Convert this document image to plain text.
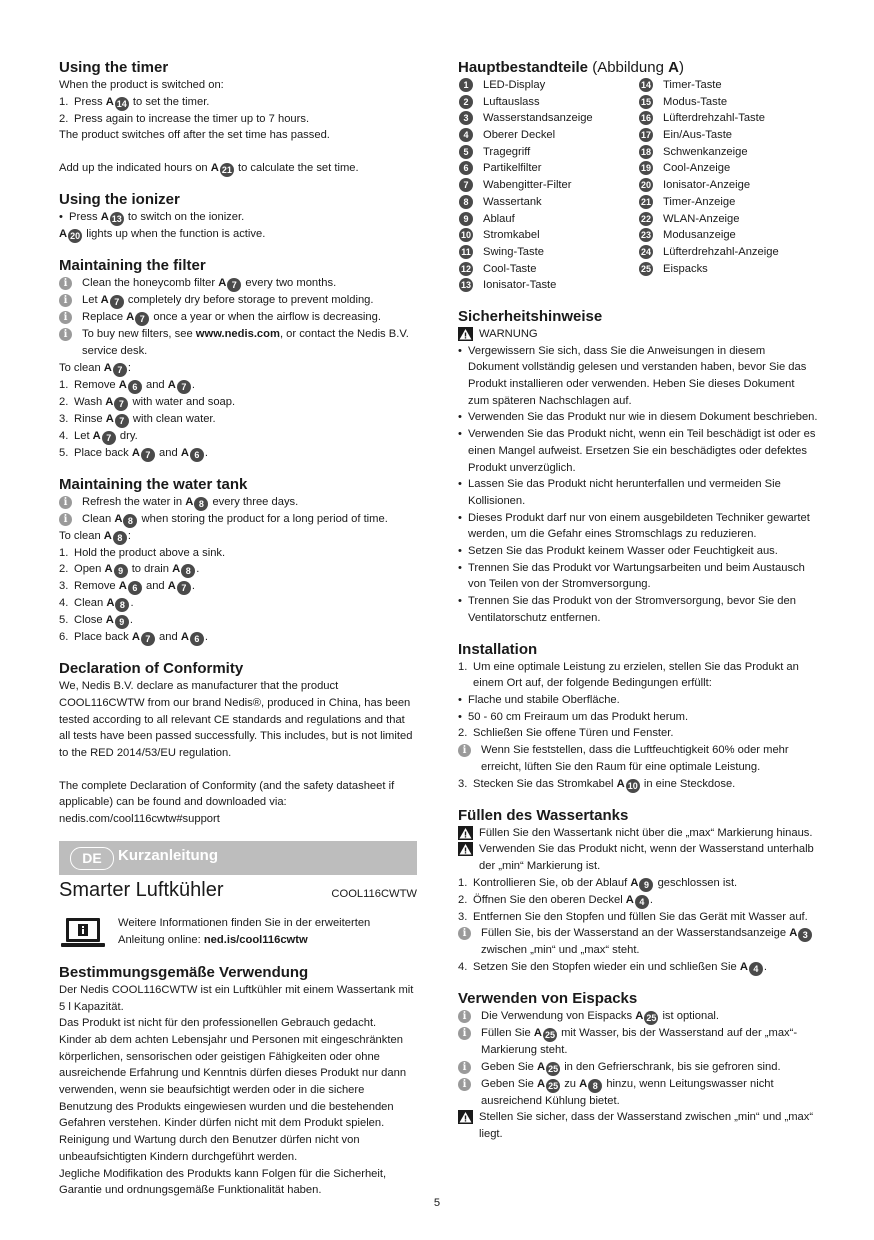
Using the timer

When the product is switched on:

1. Press A 14 to set the timer.
2. Press again to increase the timer up to 7 hours.

The product switches off after the set time has passed.

Add up the indicated hours on A 21 to calculate the set time.

Using the ionizer
• Press A 13 to switch on the ionizer.

A 20 lights up when the function is active.

Maintaining the filter
i	Clean the honeycomb filter A 7 every two months.
i	Let A 7 completely dry before storage to prevent molding.
i	Replace A 7 once a year or when the airflow is decreasing.
i	To buy new filters, see www.nedis.com, or contact the Nedis B.V. service desk.

To clean A 7 :

1. Remove A 6 and A 7 .
2. Wash A 7 with water and soap.
3. Rinse A 7 with clean water.
4. Let A 7 dry.
5. Place back A 7 and A 6 .
Maintaining the water tank
i	Refresh the water in A 8 every three days.
i	Clean A 8 when storing the product for a long period of time.

To clean A 8 :

1. Hold the product above a sink.
2. Open A 9 to drain A 8 .
3. Remove A 6 and A 7 .
4. Clean A 8 .
5. Close A 9 .
6. Place back A 7 and A 6 .
Declaration of Conformity

We, Nedis B.V. declare as manufacturer that the product COOL116CWTW from our brand Nedis®, produced in China, has been tested according to all relevant CE standards and regulations and that all tests have been passed successfully. This includes, but is not limited to the RED 2014/53/EU regulation.

The complete Declaration of Conformity (and the safety datasheet if applicable) can be found and downloaded via:

nedis.com/cool116cwtw#support

DE	Kurzanleitung
Smarter Luftkühler	COOL116CWTW
Weitere Informationen finden Sie in der erweiterten Anleitung online: ned.is/cool116cwtw
Bestimmungsgemäße Verwendung

Der Nedis COOL116CWTW ist ein Luftkühler mit einem Wassertank mit 5 l Kapazität.

Das Produkt ist nicht für den professionellen Gebrauch gedacht.

Kinder ab dem achten Lebensjahr und Personen mit eingeschränkten körperlichen, sensorischen oder geistigen Fähigkeiten oder ohne ausreichende Erfahrung und Kenntnis dürfen dieses Produkt nur dann verwenden, wenn sie beaufsichtigt werden oder in die sichere Benutzung des Produkts eingewiesen wurden und die bestehenden Gefahren verstehen. Kinder dürfen nicht mit dem Produkt spielen. Reinigung und Wartung durch den Benutzer dürfen nicht von unbeaufsichtigten Kindern durchgeführt werden.

Jegliche Modifikation des Produkts kann Folgen für die Sicherheit, Garantie und ordnungsgemäße Funktionalität haben.

Hauptbestandteile (Abbildung A)
1	LED-Display
2	Luftauslass
3	Wasserstandsanzeige
4	Oberer Deckel
5	Tragegriff
6	Partikelfilter
7	Wabengitter-Filter
8	Wassertank
9	Ablauf
10 Stromkabel
11 Swing-Taste
12 Cool-Taste
13 Ionisator-Taste
14 Timer-Taste
15 Modus-Taste
16 Lüfterdrehzahl-Taste
17 Ein/Aus-Taste
18 Schwenkanzeige
19 Cool-Anzeige
20 Ionisator-Anzeige
21 Timer-Anzeige
22 WLAN-Anzeige
23 Modusanzeige
24 Lüfterdrehzahl-Anzeige
25 Eispacks
Sicherheitshinweise
WARNUNG
• Vergewissern Sie sich, dass Sie die Anweisungen in diesem Dokument vollständig gelesen und verstanden haben, bevor Sie das Produkt installieren oder verwenden. Heben Sie dieses Dokument zum späteren Nachschlagen auf.
• Verwenden Sie das Produkt nur wie in diesem Dokument beschrieben.
• Verwenden Sie das Produkt nicht, wenn ein Teil beschädigt ist oder es einen Mangel aufweist. Ersetzen Sie ein beschädigtes oder defektes Produkt unverzüglich.
• Lassen Sie das Produkt nicht herunterfallen und vermeiden Sie Kollisionen.
• Dieses Produkt darf nur von einem ausgebildeten Techniker gewartet werden, um die Gefahr eines Stromschlags zu reduzieren.
• Setzen Sie das Produkt keinem Wasser oder Feuchtigkeit aus.
• Trennen Sie das Produkt vor Wartungsarbeiten und beim Austausch von Teilen von der Stromversorgung.
• Trennen Sie das Produkt von der Stromversorgung, bevor Sie den Ventilatorschutz entfernen.
Installation
1. Um eine optimale Leistung zu erzielen, stellen Sie das Produkt an einem Ort auf, der folgende Bedingungen erfüllt:
• Flache und stabile Oberfläche.
• 50 - 60 cm Freiraum um das Produkt herum.
2. Schließen Sie offene Türen und Fenster.
i	Wenn Sie feststellen, dass die Luftfeuchtigkeit 60% oder mehr erreicht, lüften Sie den Raum für eine optimale Leistung.
3. Stecken Sie das Stromkabel A 10 in eine Steckdose.
Füllen des Wassertanks
Füllen Sie den Wassertank nicht über die „max“ Markierung hinaus.
Verwenden Sie das Produkt nicht, wenn der Wasserstand unterhalb der „min“ Markierung ist.
1. Kontrollieren Sie, ob der Ablauf A 9 geschlossen ist.
2. Öffnen Sie den oberen Deckel A 4 .
3. Entfernen Sie den Stopfen und füllen Sie das Gerät mit Wasser auf.
i	Füllen Sie, bis der Wasserstand an der Wasserstandsanzeige A 3 zwischen „min“ und „max“ steht.
4. Setzen Sie den Stopfen wieder ein und schließen Sie A 4 .
Verwenden von Eispacks
i	Die Verwendung von Eispacks A 25 ist optional.
i	Füllen Sie A 25 mit Wasser, bis der Wasserstand auf der „max“-Markierung steht.
i	Geben Sie A 25 in den Gefrierschrank, bis sie gefroren sind.
i	Geben Sie A 25 zu A 8 hinzu, wenn Leitungswasser nicht ausreichend Kühlung bietet.
Stellen Sie sicher, dass der Wasserstand zwischen „min“ und „max“ liegt.
5
